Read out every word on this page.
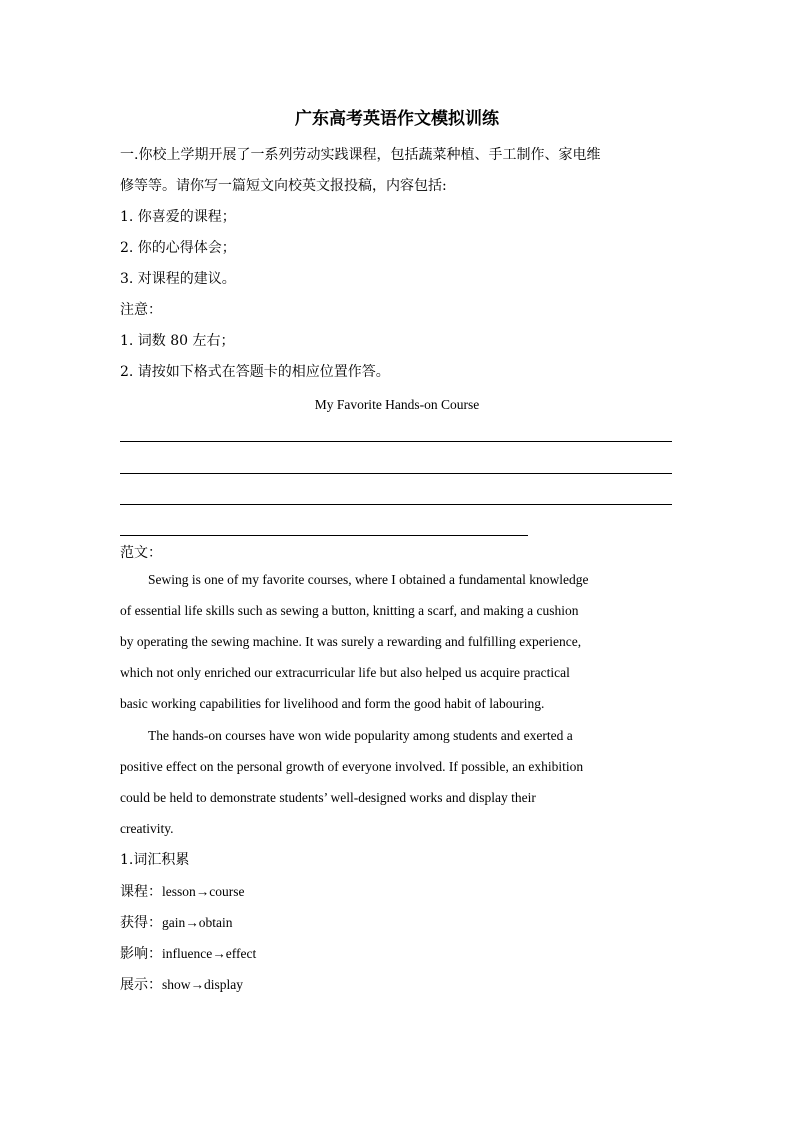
广东高考英语作文模拟训练
一.你校上学期开展了一系列劳动实践课程，包括蔬菜种植、手工制作、家电维
修等等。请你写一篇短文向校英文报投稿，内容包括:
1. 你喜爱的课程；
2. 你的心得体会；
3. 对课程的建议。
注意：
1. 词数 80 左右；
2. 请按如下格式在答题卡的相应位置作答。
My Favorite Hands-on Course
范文：
Sewing is one of my favorite courses, where I obtained a fundamental knowledge
of essential life skills such as sewing a button, knitting a scarf, and making a cushion
by operating the sewing machine. It was surely a rewarding and fulfilling experience,
which not only enriched our extracurricular life but also helped us acquire practical
basic working capabilities for livelihood and form the good habit of labouring.
The hands-on courses have won wide popularity among students and exerted a
positive effect on the personal growth of everyone involved. If possible, an exhibition
could be held to demonstrate students’ well-designed works and display their
creativity.
1.词汇积累
课程：lesson→course
获得：gain→obtain
影响：influence→effect
展示：show→display
